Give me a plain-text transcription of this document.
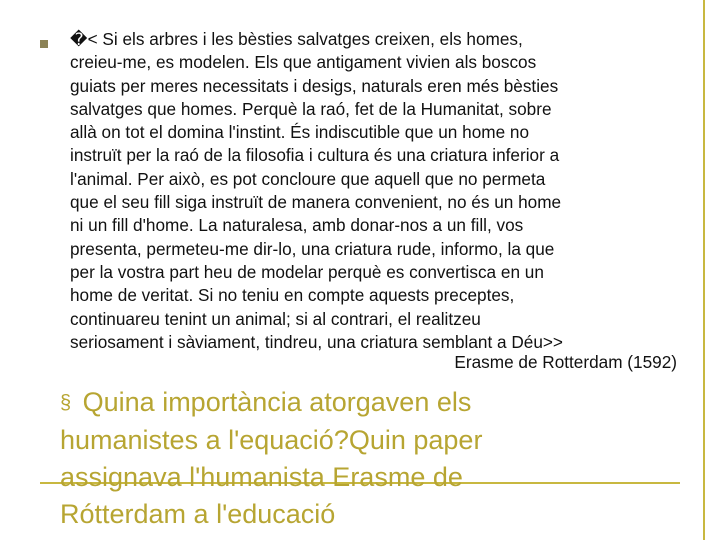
�< Si els arbres i les bèsties salvatges creixen, els homes,
creieu-me, es modelen. Els que antigament vivien als boscos
guiats per meres necessitats i desigs, naturals eren més bèsties
salvatges que homes. Perquè la raó, fet de la Humanitat, sobre
allà on tot el domina l'instint. És indiscutible que un home no
instruït per la raó de la filosofia i cultura és una criatura inferior a
l'animal. Per això, es pot concloure que aquell que no permeta
que el seu fill siga instruït de manera convenient, no és un home
ni un fill d'home. La naturalesa, amb donar-nos a un fill, vos
presenta, permeteu-me dir-lo, una criatura rude, informo, la que
per la vostra part heu de modelar perquè es convertisca en un
home de veritat. Si no teniu en compte aquests preceptes,
continuareu tenint un animal; si al contrari, el realitzeu
seriosament i sàviament, tindreu, una criatura semblant a Déu>>
Erasme de Rotterdam (1592)
§ Quina importància atorgaven els
humanistes a l'equació?Quin paper
assignava l'humanista Erasme de
Rótterdam a l'educació
